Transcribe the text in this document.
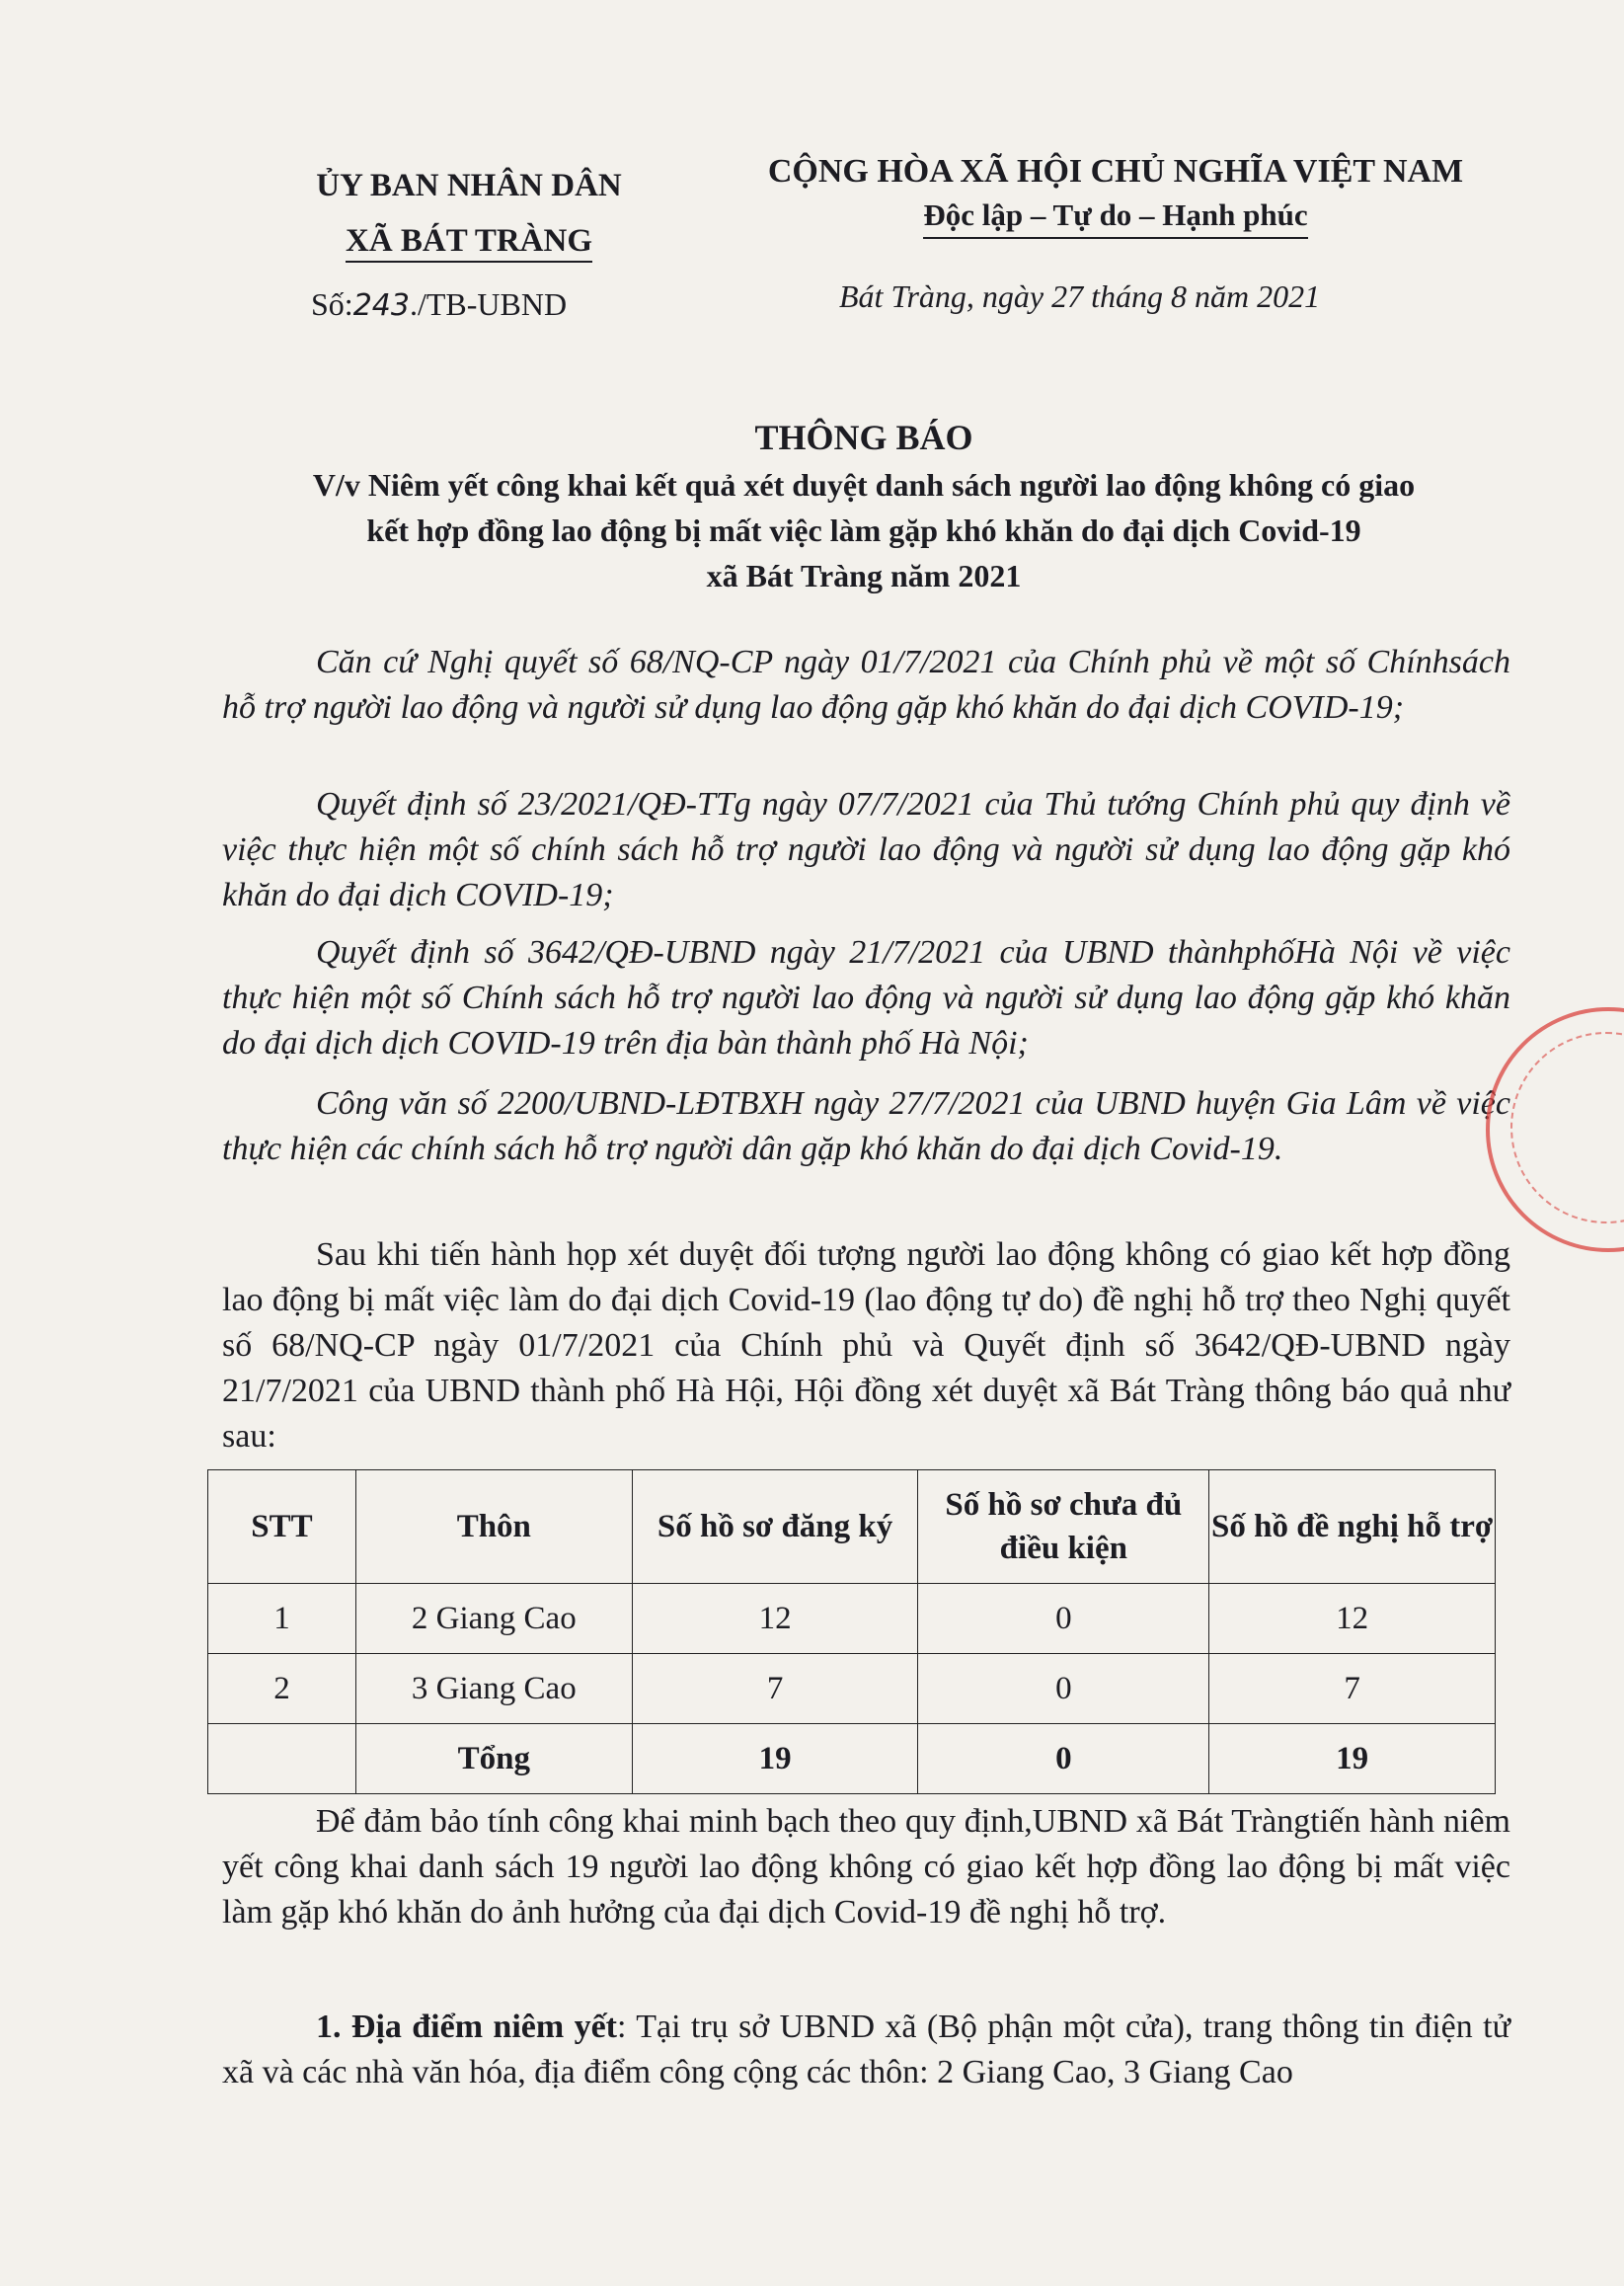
ỦY BAN NHÂN DÂN
XÃ BÁT TRÀNG
CỘNG HÒA XÃ HỘI CHỦ NGHĨA VIỆT NAM
Độc lập – Tự do – Hạnh phúc
Số:243./TB-UBND	Bát Tràng, ngày 27 tháng 8 năm 2021
THÔNG BÁO
V/v Niêm yết công khai kết quả xét duyệt danh sách người lao động không có giao
kết hợp đồng lao động bị mất việc làm gặp khó khăn do đại dịch Covid-19
xã Bát Tràng năm 2021

Căn cứ Nghị quyết số 68/NQ-CP ngày 01/7/2021 của Chính phủ về một số Chínhsách hỗ trợ người lao động và người sử dụng lao động gặp khó khăn do đại dịch COVID-19;

Quyết định số 23/2021/QĐ-TTg ngày 07/7/2021 của Thủ tướng Chính phủ quy định về việc thực hiện một số chính sách hỗ trợ người lao động và người sử dụng lao động gặp khó khăn do đại dịch COVID-19;

Quyết định số 3642/QĐ-UBND ngày 21/7/2021 của UBND thànhphốHà Nội về việc thực hiện một số Chính sách hỗ trợ người lao động và người sử dụng lao động gặp khó khăn do đại dịch dịch COVID-19 trên địa bàn thành phố Hà Nội;

Công văn số 2200/UBND-LĐTBXH ngày 27/7/2021 của UBND huyện Gia Lâm về việc thực hiện các chính sách hỗ trợ người dân gặp khó khăn do đại dịch Covid-19.

Sau khi tiến hành họp xét duyệt đối tượng người lao động không có giao kết hợp đồng lao động bị mất việc làm do đại dịch Covid-19 (lao động tự do) đề nghị hỗ trợ theo Nghị quyết số 68/NQ-CP ngày 01/7/2021 của Chính phủ và Quyết định số 3642/QĐ-UBND ngày 21/7/2021 của UBND thành phố Hà Hội, Hội đồng xét duyệt xã Bát Tràng thông báo quả như sau:

STT	Thôn	Số hồ sơ đăng ký	Số hồ sơ chưa đủ điều kiện	Số hồ đề nghị hỗ trợ
1	2 Giang Cao	12	0	12
2	3 Giang Cao	7	0	7
	Tổng	19	0	19

Để đảm bảo tính công khai minh bạch theo quy định,UBND xã Bát Tràngtiến hành niêm yết công khai danh sách 19 người lao động không có giao kết hợp đồng lao động bị mất việc làm gặp khó khăn do ảnh hưởng của đại dịch Covid-19 đề nghị hỗ trợ.

1. Địa điểm niêm yết: Tại trụ sở UBND xã (Bộ phận một cửa), trang thông tin điện tử xã và các nhà văn hóa, địa điểm công cộng các thôn: 2 Giang Cao, 3 Giang Cao
